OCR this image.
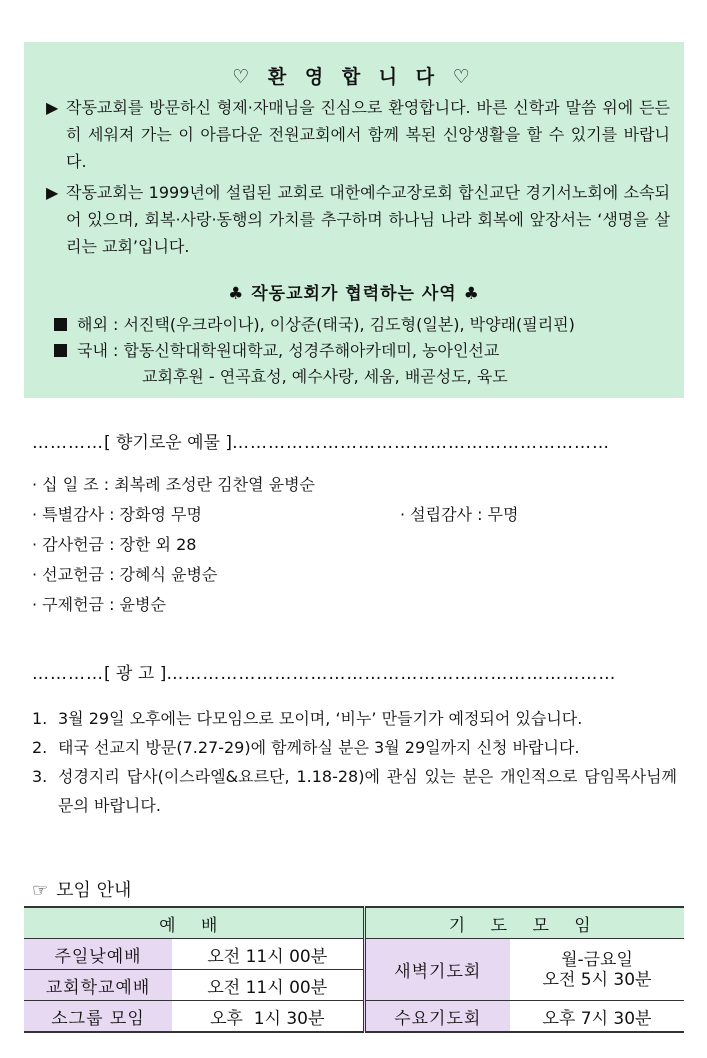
♡ 환 영 합 니 다 ♡
▶ 작동교회를 방문하신 형제·자매님을 진심으로 환영합니다. 바른 신학과 말씀 위에 든든히 세워져 가는 이 아름다운 전원교회에서 함께 복된 신앙생활을 할 수 있기를 바랍니다.
▶ 작동교회는 1999년에 설립된 교회로 대한예수교장로회 합신교단 경기서노회에 소속되어 있으며, 회복·사랑·동행의 가치를 추구하며 하나님 나라 회복에 앞장서는 ‘생명을 살리는 교회’입니다.
♣ 작동교회가 협력하는 사역 ♣
해외 : 서진택(우크라이나), 이상준(태국), 김도형(일본), 박양래(필리핀)
국내 : 합동신학대학원대학교, 성경주해아카데미, 농아인선교
교회후원 - 연곡효성, 예수사랑, 세움, 배곧성도, 육도
…………[ 향기로운 예물 ]………………………………………………………
· 십 일 조 : 최복례 조성란 김찬열 윤병순
· 특별감사 : 장화영 무명	· 설립감사 : 무명
· 감사헌금 : 장한 외 28
· 선교헌금 : 강혜식 윤병순
· 구제헌금 : 윤병순
…………[ 광 고 ]…………………………………………………………………
1. 3월 29일 오후에는 다모임으로 모이며, ‘비누’ 만들기가 예정되어 있습니다.
2. 태국 선교지 방문(7.27-29)에 함께하실 분은 3월 29일까지 신청 바랍니다.
3. 성경지리 답사(이스라엘&요르단, 1.18-28)에 관심 있는 분은 개인적으로 담임목사님께 문의 바랍니다.
☞ 모임 안내
예 배		기 도 모 임	
주일낮예배	오전 11시 00분	새벽기도회	월-금요일
오전 5시 30분

교회학교예배	오전 11시 00분		
소그룹 모임	오후  1시 30분	수요기도회	오후 7시 30분
